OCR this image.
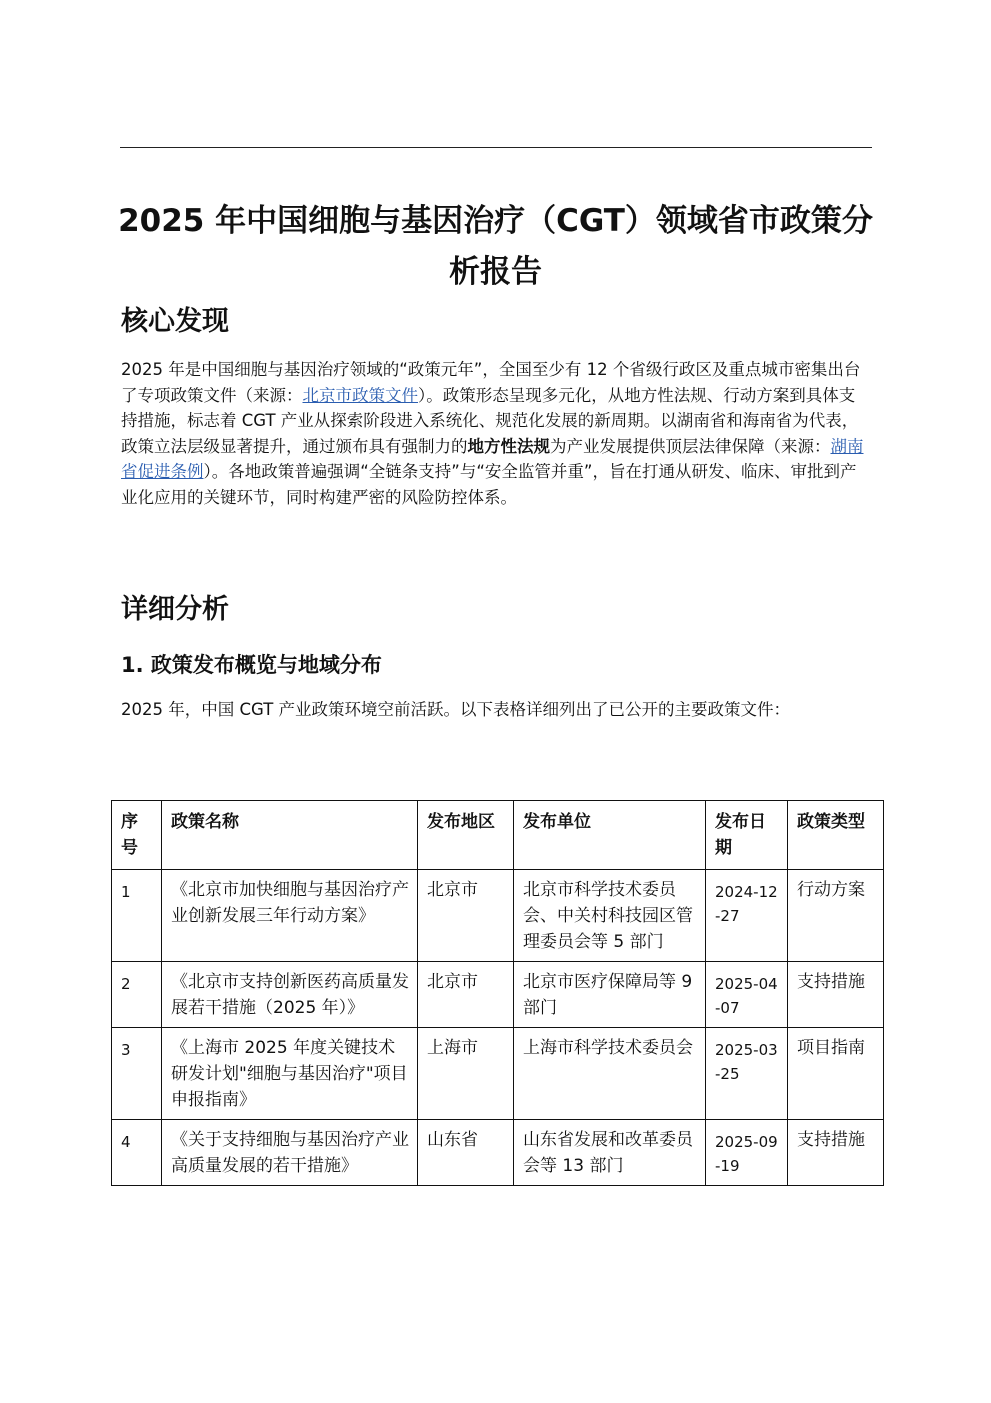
2025 年中国细胞与基因治疗（CGT）领域省市政策分析报告
核心发现

2025 年是中国细胞与基因治疗领域的“政策元年”，全国至少有 12 个省级行政区及重点城市密集出台了专项政策文件（来源：北京市政策文件）。政策形态呈现多元化，从地方性法规、行动方案到具体支持措施，标志着 CGT 产业从探索阶段进入系统化、规范化发展的新周期。以湖南省和海南省为代表，政策立法层级显著提升，通过颁布具有强制力的地方性法规为产业发展提供顶层法律保障（来源：湖南省促进条例）。各地政策普遍强调“全链条支持”与“安全监管并重”，旨在打通从研发、临床、审批到产业化应用的关键环节，同时构建严密的风险防控体系。

详细分析
1. 政策发布概览与地域分布

2025 年，中国 CGT 产业政策环境空前活跃。以下表格详细列出了已公开的主要政策文件：

序号	政策名称	发布地区	发布单位	发布日期	政策类型
1	《北京市加快细胞与基因治疗产业创新发展三年行动方案》	北京市	北京市科学技术委员会、中关村科技园区管理委员会等 5 部门	2024-12-27	行动方案
2	《北京市支持创新医药高质量发展若干措施（2025 年）》	北京市	北京市医疗保障局等 9 部门	2025-04-07	支持措施
3	《上海市 2025 年度关键技术研发计划"细胞与基因治疗"项目申报指南》	上海市	上海市科学技术委员会	2025-03-25	项目指南
4	《关于支持细胞与基因治疗产业高质量发展的若干措施》	山东省	山东省发展和改革委员会等 13 部门	2025-09-19	支持措施
